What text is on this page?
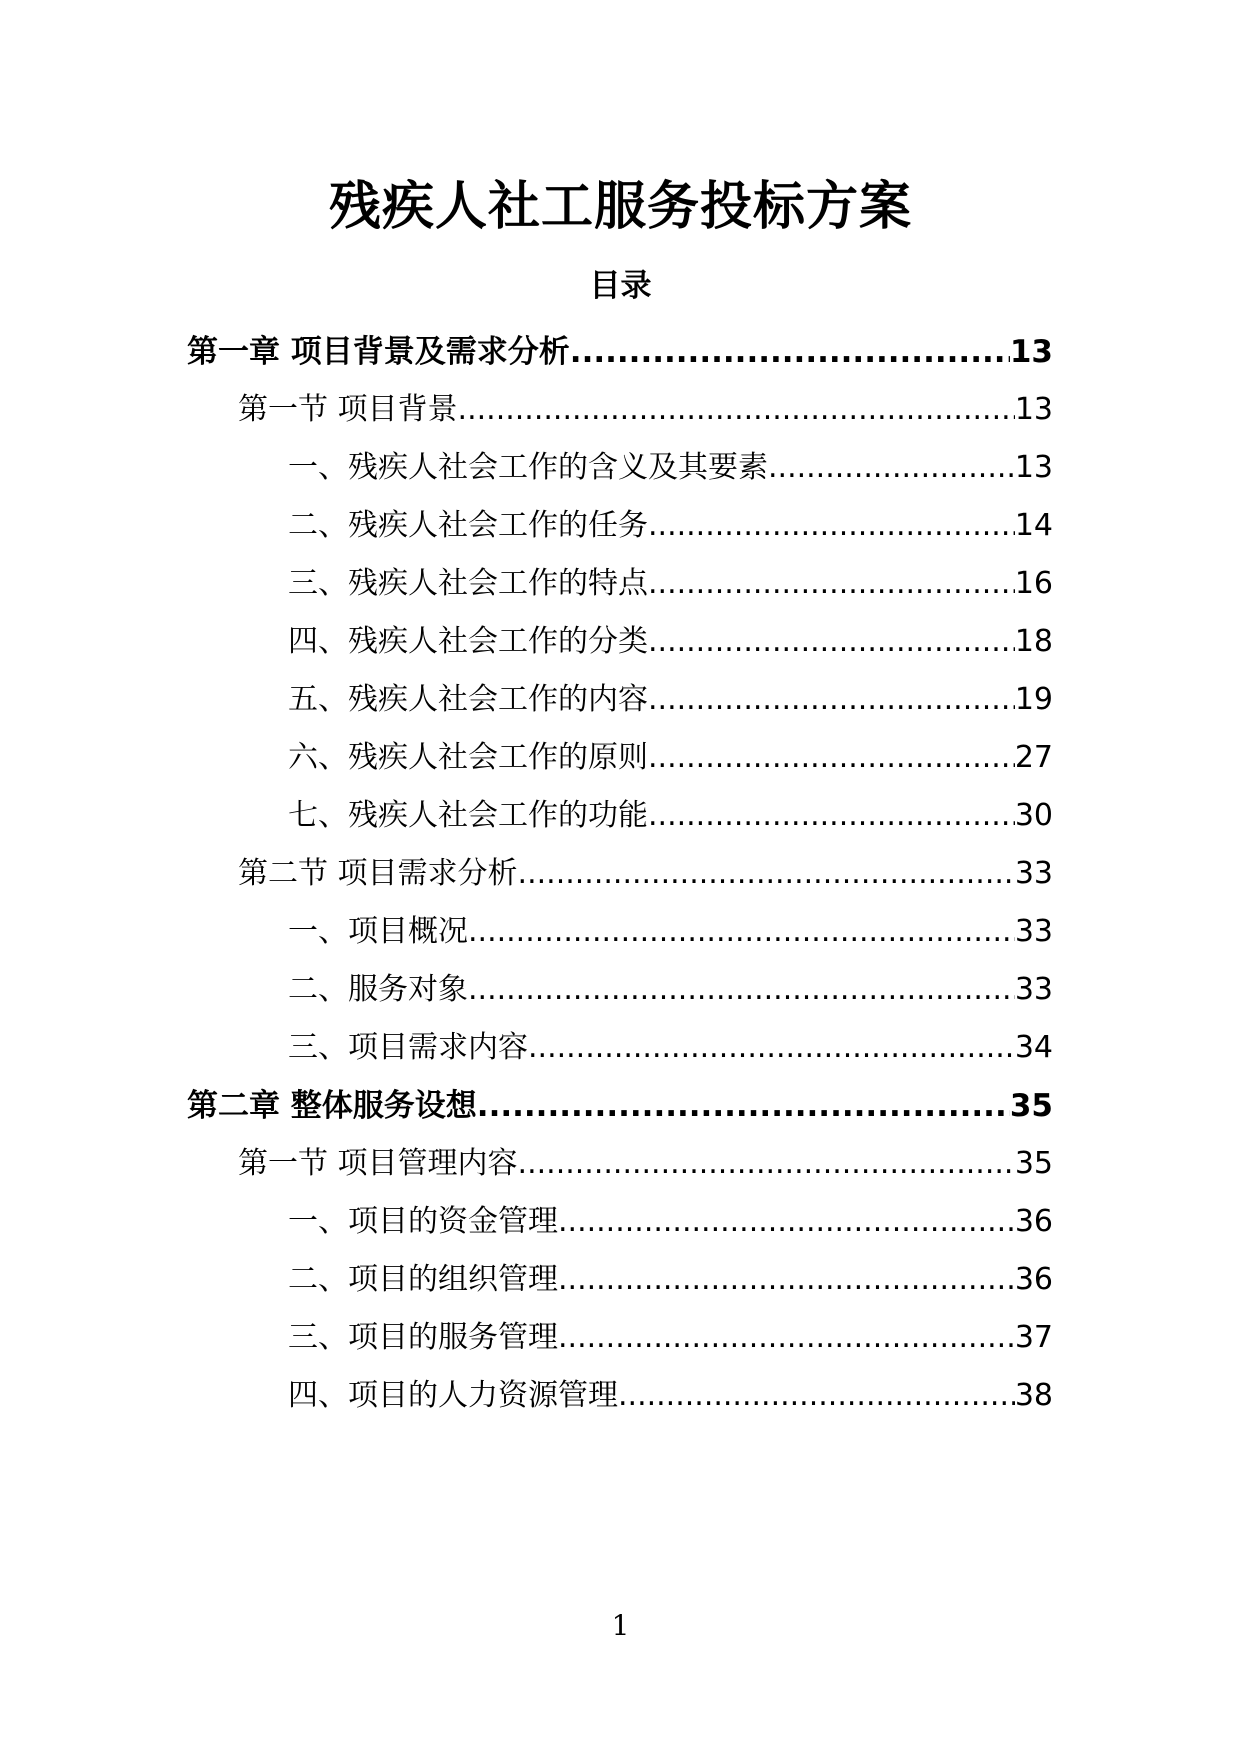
残疾人社工服务投标方案
目录
第一章 项目背景及需求分析 .....	13
第一节 项目背景 .....	13
一、残疾人社会工作的含义及其要素 .....	13
二、残疾人社会工作的任务 .....	14
三、残疾人社会工作的特点 .....	16
四、残疾人社会工作的分类 .....	18
五、残疾人社会工作的内容 .....	19
六、残疾人社会工作的原则 .....	27
七、残疾人社会工作的功能 .....	30
第二节 项目需求分析 .....	33
一、项目概况 .....	33
二、服务对象 .....	33
三、项目需求内容 .....	34
第二章 整体服务设想 .....	35
第一节 项目管理内容 .....	35
一、项目的资金管理 .....	36
二、项目的组织管理 .....	36
三、项目的服务管理 .....	37
四、项目的人力资源管理 .....	38
1
